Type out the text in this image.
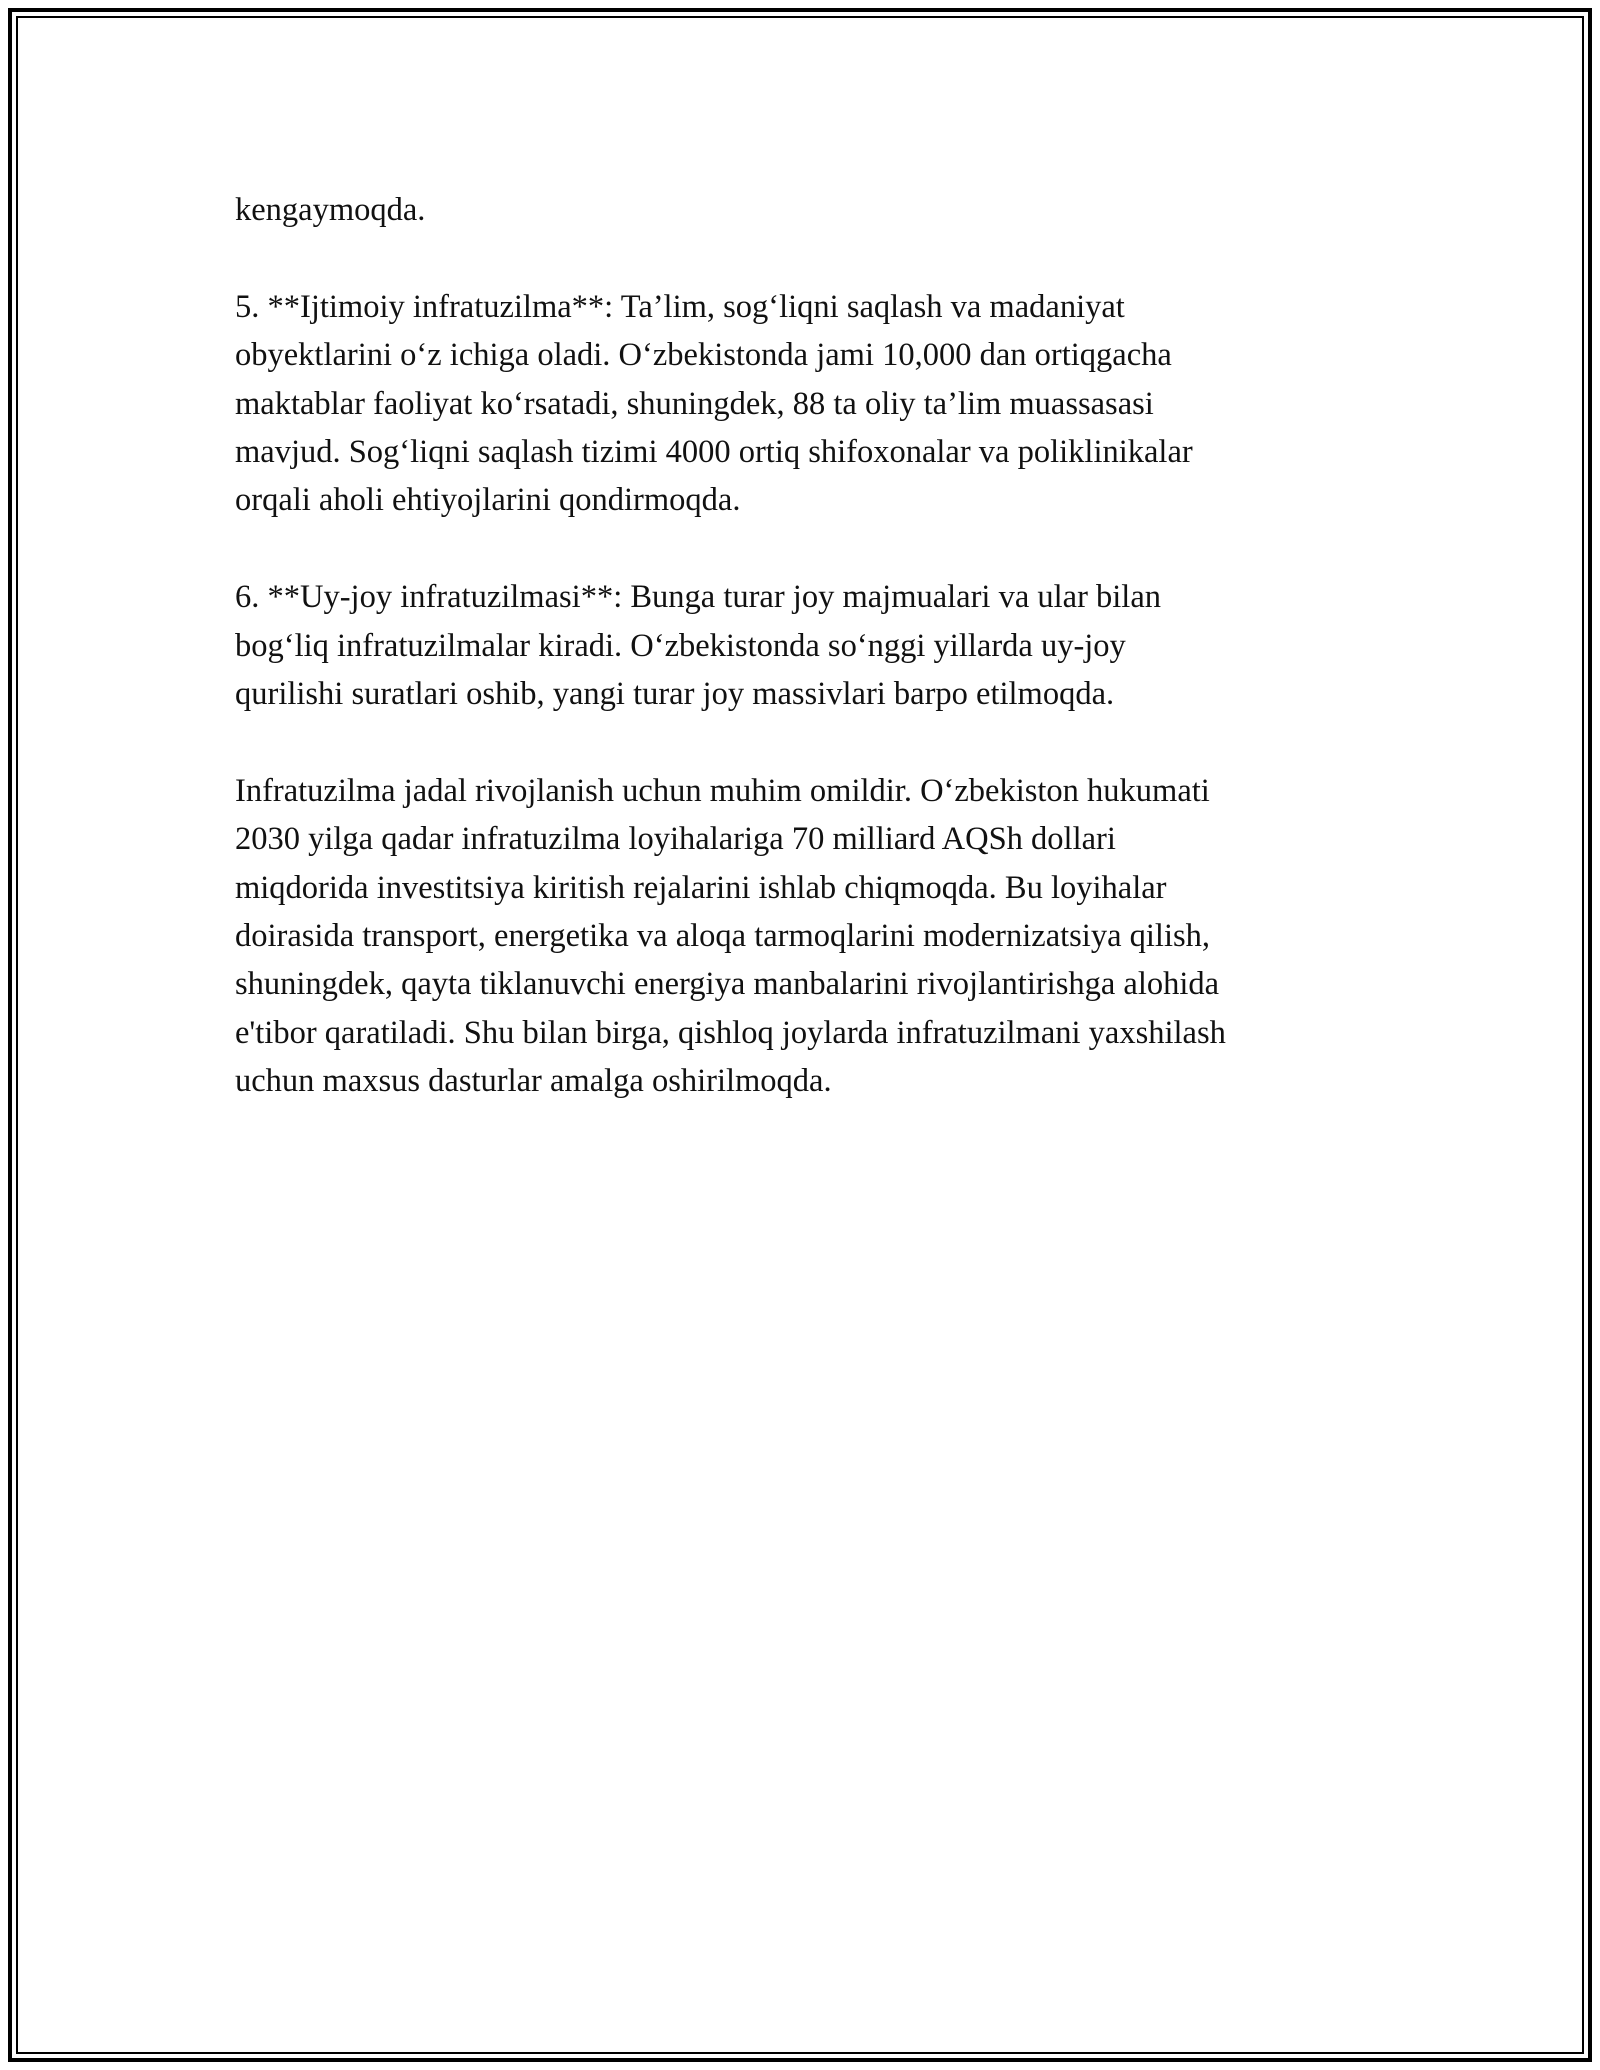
kengaymoqda.

5. **Ijtimoiy infratuzilma**: Ta’lim, sog‘liqni saqlash va madaniyat
obyektlarini o‘z ichiga oladi. O‘zbekistonda jami 10,000 dan ortiqgacha
maktablar faoliyat ko‘rsatadi, shuningdek, 88 ta oliy ta’lim muassasasi
mavjud. Sog‘liqni saqlash tizimi 4000 ortiq shifoxonalar va poliklinikalar
orqali aholi ehtiyojlarini qondirmoqda.

6. **Uy-joy infratuzilmasi**: Bunga turar joy majmualari va ular bilan
bog‘liq infratuzilmalar kiradi. O‘zbekistonda so‘nggi yillarda uy-joy
qurilishi suratlari oshib, yangi turar joy massivlari barpo etilmoqda.

Infratuzilma jadal rivojlanish uchun muhim omildir. O‘zbekiston hukumati
2030 yilga qadar infratuzilma loyihalariga 70 milliard AQSh dollari
miqdorida investitsiya kiritish rejalarini ishlab chiqmoqda. Bu loyihalar
doirasida transport, energetika va aloqa tarmoqlarini modernizatsiya qilish,
shuningdek, qayta tiklanuvchi energiya manbalarini rivojlantirishga alohida
e'tibor qaratiladi. Shu bilan birga, qishloq joylarda infratuzilmani yaxshilash
uchun maxsus dasturlar amalga oshirilmoqda.
